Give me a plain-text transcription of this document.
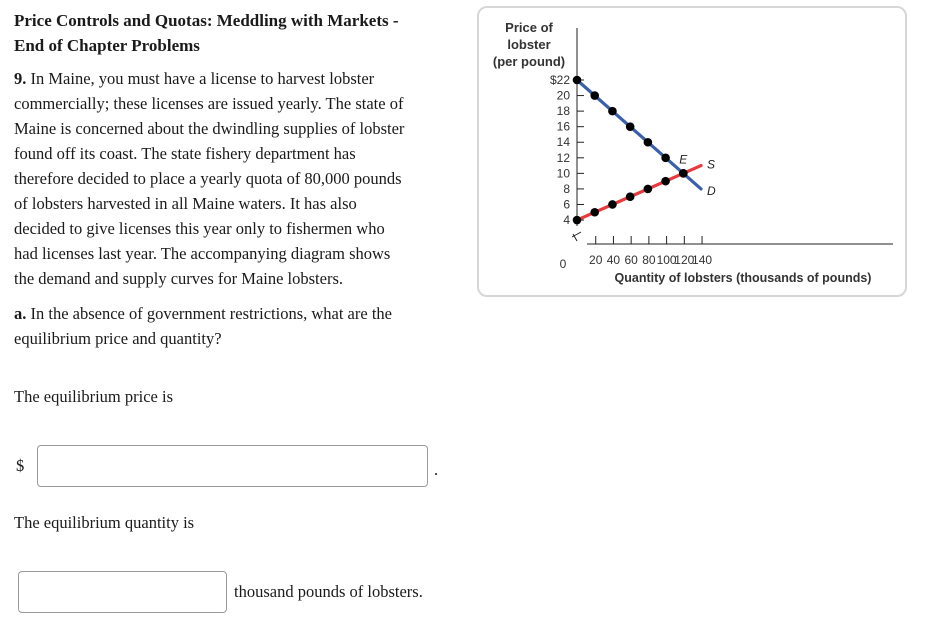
Price Controls and Quotas: Meddling with Markets -
End of Chapter Problems
9. In Maine, you must have a license to harvest lobster
commercially; these licenses are issued yearly. The state of
Maine is concerned about the dwindling supplies of lobster
found off its coast. The state fishery department has
therefore decided to place a yearly quota of 80,000 pounds
of lobsters harvested in all Maine waters. It has also
decided to give licenses this year only to fishermen who
had licenses last year. The accompanying diagram shows
the demand and supply curves for Maine lobsters.
a. In the absence of government restrictions, what are the
equilibrium price and quantity?
The equilibrium price is
$	.
The equilibrium quantity is
thousand pounds of lobsters.
Price of
lobster
(per pound)
$22
20
18
16
14
12
10
8
6
4
0 20 40 60 80 100
120
140
Quantity of lobsters (thousands of pounds)
D
S
E
